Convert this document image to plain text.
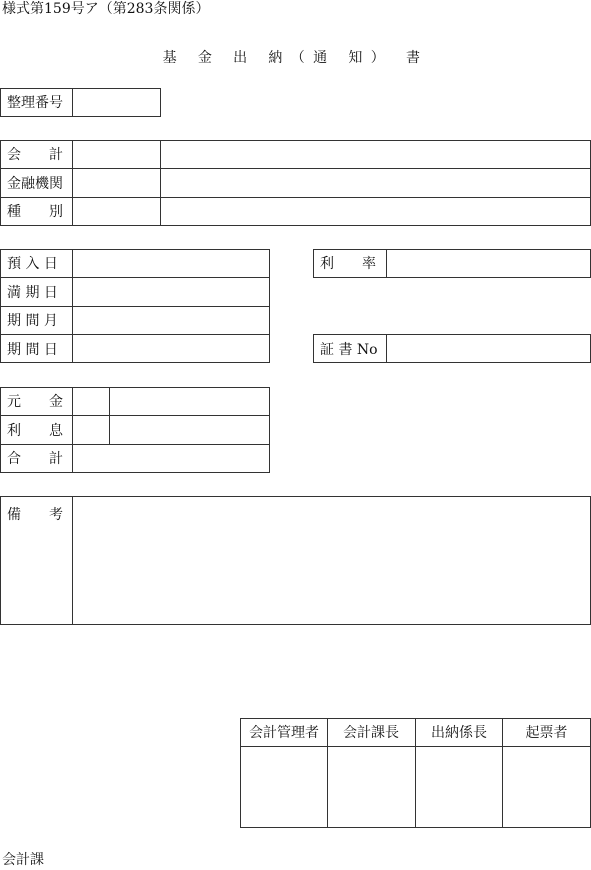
様式第159号ア（第283条関係）
基 金 出 納（通 知） 書
整理番号
会　　計
金融機関
種　　別
預 入 日
満 期 日
期 間 月
期 間 日
利　　率
証 書 No
元　　金
利　　息
合　　計
備　　考
会計管理者	会計課長	出納係長	起票者
会計課
